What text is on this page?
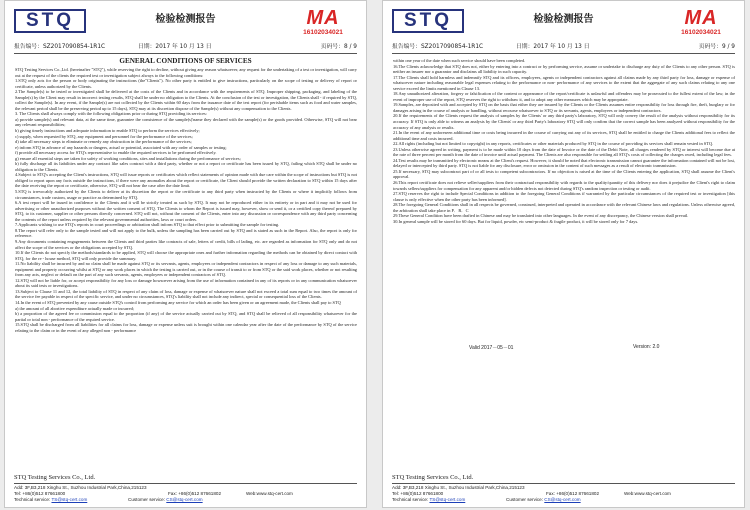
STQ	检验检测报告	MA
16102034021
报告编号：SZ2017090854-1R1C	日期：2017 年 10 月 13 日	页码号：8 / 9
GENERAL CONDITIONS OF SERVICES

STQ Testing Services Co.,Ltd. (hereinafter "STQ"), while reserving the right to decline, without giving any reason whatsoever, any request for the undertaking of a test or investigation, will carry out at the request of the clients the required test or investigation subject always to the following conditions:

1.STQ only acts for the person or body originating the instructions (the"Clients"). No other party is entitled to give instructions, particularly on the scope of testing or delivery of report or certificate, unless authorized by the Clients.

2.The Sample(s) to be tested or investigated shall be delivered at the costs of the Clients and in accordance with the requirements of STQ. Improper shipping, packaging, and labeling of the Sample(s) by the Client may result in incorrect testing results, STQ shall be under no obligation to the Clients. At the conclusion of the test or investigation, the Clients shall - if required by STQ, collect the Sample(s). In any event, if the Sample(s) are not collected by the Clients within 60 days from the issuance date of the test report (for perishable items such as food and water samples, the relevant period shall be the preserving period up to 15 days), STQ may at its discretion dispose of the Sample(s) without any compensation to the Clients.

3. The Clients shall always comply with the following obligations prior or during STQ providing its services:

a) provide sample(s) and relevant data, at the same time, guarantee the consistence of the sample(s)'name they declared with the sample(s) or the goods provided. Otherwise, STQ will not bear any relevant responsibilities;

b) giving timely instructions and adequate information to enable STQ to perform the services effectively;

c) supply, when requested by STQ, any equipment and personnel for the performance of the services;

d) take all necessary steps to eliminate or remedy any obstruction in the performance of the services;

e) inform STQ in advance of any hazards or dangers, actual or potential, associated with any order of samples or testing;

f) provide all necessary access for STQ's representative to enable the required services to be performed effectively.

g) ensure all essential steps are taken for safety of working conditions, sites and installations during the performance of services;

h) fully discharge all its liabilities under any contract like sales contract with a third party, whether or not a report or certificate has been issued by STQ, failing which STQ shall be under no obligation to the Clients.

4.Subject to STQ's accepting the Client's instructions, STQ will issue reports or certificates which reflect statements of opinion made with due care within the scope of instructions but STQ is not obliged to report upon any facts outside the instructions, if there were any anomalies about the report or certificate, the Client should provide the written declaration to STQ within 15 days after the date receiving the report or certificate, otherwise, STQ will not bear the case after the date limit.

5.STQ is irrevocably authorized by the Clients to deliver at its discretion the report or the certificate to any third party when instructed by the Clients or where it implicitly follows from circumstances, trade custom, usage or practice as determined by STQ.

6.A test report will be issued in confidence to the Clients and it will be strictly treated as such by STQ. It may not be reproduced either in its entirety or in part and it may not be used for advertising or other unauthorized purposes without the written consent of STQ. The Clients to whom the Report is issued may, however, show or send it, or a certified copy thereof prepared by STQ, to its customer, supplier or other persons directly concerned. STQ will not, without the consent of the Clients, enter into any discussion or correspondence with any third party concerning the contents of the report unless required by the relevant governmental authorities, laws or court orders.

7.Applicants wishing to use STQ's reports in court proceedings or arbitration shall inform STQ to that effect prior to submitting the sample for testing.

8.The report will refer only to the sample tested and will not apply to the bulk, unless the sampling has been carried out by STQ and is stated as such in the Report. Also, the report is only for reference.

9.Any documents containing engagements between the Clients and third parties like contracts of sale, letters of credit, bills of lading, etc. are regarded as information for STQ only and do not affect the scope of the services or the obligations accepted by STQ.

10.If the Clients do not specify the methods/standards to be applied, STQ will choose the appropriate ones and further information regarding the methods can be obtained by direct contact with STQ, for the re - house method, STQ will only provide the summary.

11.No liability shall be incurred by and no claim shall be made against STQ or its servants, agents, employees or independent contractors in respect of any loss or damage to any such materials, equipment and property occurring whilst at STQ or any work places in which the testing is carried out, or in the course of transit to or from STQ or the said work places, whether or not resulting from any acts, neglect or default on the part of any such servants, agents, employees or independent contractors of STQ.

12.STQ will not be liable for, or accept responsibility for any loss or damage howsoever arising from the use of information contained in any of its reports or in any communication whatsoever about its said tests or investigations.

13.Subject to Clause 11 and 12, the total liability of STQ in respect of any claim of loss, damage or expense of whatsoever nature shall not exceed a total sum equal to two times the amount of the service fee payable in respect of the specific service, and under no circumstances, STQ's liability shall not include any indirect, special or consequential loss of the Clients.

14.In the event of STQ prevented by any cause outside STQ's control from performing any service for which an order has been given or an agreement made, the Clients shall pay to STQ

a) the amount of all abortive expenditure actually made or incurred;

b) a proportion of the agreed fee or commission equal to the proportion (if any) of the service actually carried out by STQ, and STQ shall be relieved of all responsibility whatsoever for the partial or total non - performance of the required service.

15.STQ shall be discharged from all liabilities for all claims for loss, damage or expense unless suit is brought within one calendar year after the date of the performance by STQ of the service relating to the claim or in the event of any alleged non - performance

STQ Testing Services Co., Ltd.
Add: 3F,B3,218 Xinghu St., Suzhou Industrial Park,China,215123
Tel: +86(0)512 87661800	Fax: +86(0)512 87661802	Web:www.stq-cert.com
Technical service: TS@stq-cert.com	Customer service: CS@stq-cert.com
STQ	检验检测报告	MA
16102034021
报告编号：SZ2017090854-1R1C	日期：2017 年 10 月 13 日	页码号：9 / 9

within one year of the date when such service should have been completed.

16.The Clients acknowledge that STQ does not, either by entering into a contract or by performing service, assume or undertake to discharge any duty of the Clients to any other person. STQ is neither an insurer nor a guarantor and disclaims all liability in such capacity.

17.The Clients shall hold harmless and indemnify STQ and its officers, employees, agents or independent contractors against all claims made by any third party for loss, damage or expense of whatsoever nature including reasonable legal expenses relating to the performance or non- performance of any services to the extent that the aggregate of any such claims relating to any one service exceed the limits mentioned in Clause 13.

18.Any unauthorized alteration, forgery or falsification of the content or appearance of the report/certificate is unlawful and offenders may be prosecuted to the fullest extent of the law; in the event of improper use of the report, STQ reserves the right to withdraw it, and to adopt any other measures which may be appropriate.

19.Samples, are deposited with and accepted by STQ on the basis that either they are insured by the Clients or the Clients assumes entire responsibility for loss through fire, theft, burglary or for damages arising in the course of analysis or handling, without recourse whatsoever to STQ or its servants, agents, employees or independent contractors.

20.If the requirements of the Clients request the analysis of samples by the Clients' or any third party's laboratory, STQ will only convey the result of the analysis without responsibility for its accuracy. If STQ is only able to witness an analysis by the Clients' or any third Party's laboratory STQ will only confirm that the correct sample has been analyzed without responsibility for the accuracy of any analysis or results.

21.In the event of any unforeseen additional time or costs being incurred in the course of carrying out any of its services, STQ shall be entitled to charge the Clients additional fees to reflect the additional time and costs incurred.

22.All rights (including but not limited to copyright) in any reports, certificates or other materials produced by STQ in the course of providing its services shall remain vested in STQ.

23.Unless otherwise agreed in writing, payment is to be made within 10 days from the date of Invoice or the date of the Debit Note, all charges rendered by STQ or interest will become due at the rate of three percent per month from the date of invoice until actual payment. The Clients are also responsible for settling all STQ's costs of collecting the charges owed, including legal fees.

24.Test results may be transmitted by electronic means at the Client's request. However, it should be noted that electronic transmission cannot guarantee the information contained will not be lost, delayed or intercepted by third party. STQ is not liable for any disclosure, error or omission in the content of such messages as a result of electronic transmission.

25.If necessary, STQ may subcontract part of or all tests to competent subcontractors. If no objection is raised at the time of the Clients entering the application, STQ shall assume the Client's approval.

26.This report certificate does not relieve seller/suppliers from their contractual responsibility with regards to the quality/quantity of this delivery nor does it prejudice the Client's right to claim towards sellers/suppliers for compensation for any apparent and/or hidden defects not detected during STQ's random inspection or testing or audit.

27.STQ reserves the right to include Special Conditions in addition to the foregoing General Conditions if warranted by the particular circumstances of the required test or investigation [this clause is only effective when the other party has been informed].

28.The foregoing General Conditions shall in all respects be governed, construed, interpreted and operated in accordance with the relevant Chinese laws and regulations. Unless otherwise agreed, the arbitration shall take place in P．R．C

29.These General Condition have been drafted in Chinese and may be translated into other languages. In the event of any discrepancy, the Chinese version shall prevail.

30.In general sample will be stored for 60 days. But for liquid, powder, etc semi-product & fragile product, it will be stored only for 7 days.

Valid 2017－05－01	Version: 2.0
STQ Testing Services Co., Ltd.
Add: 3F,B3,218 Xinghu St., Suzhou Industrial Park,China,215123
Tel: +86(0)512 87661800	Fax: +86(0)512 87661802	Web:www.stq-cert.com
Technical service: TS@stq-cert.com	Customer service: CS@stq-cert.com
